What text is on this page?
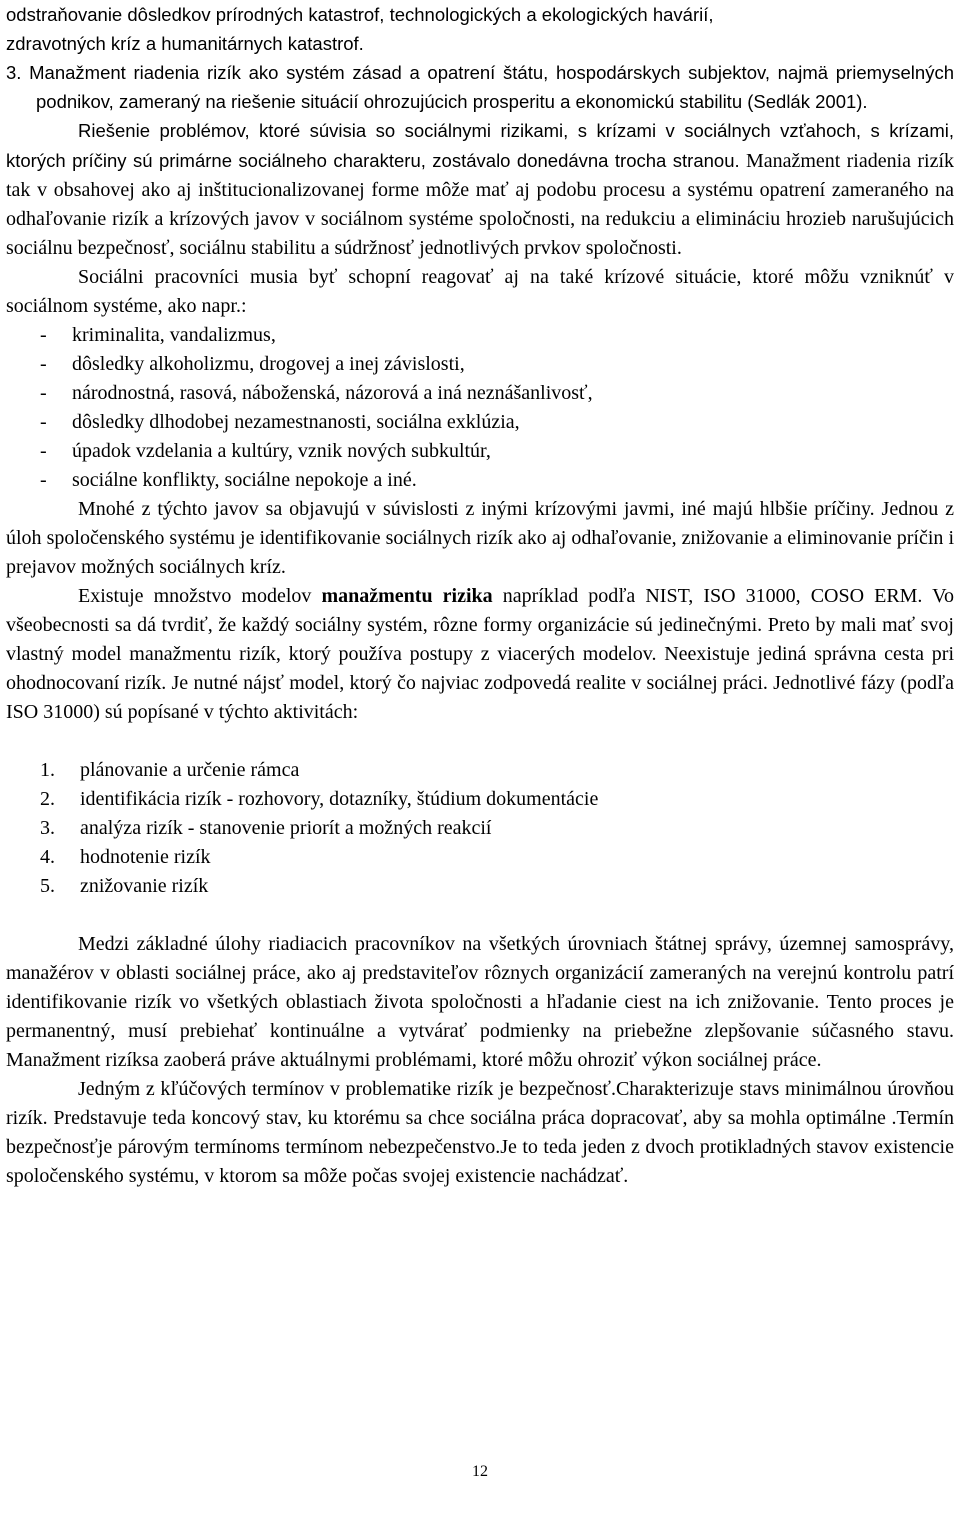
odstraňovanie dôsledkov prírodných katastrof, technologických a ekologických havárií,

zdravotných kríz a humanitárnych katastrof.

3. Manažment riadenia rizík ako systém zásad a opatrení štátu, hospodárskych subjektov, najmä priemyselných podnikov, zameraný na riešenie situácií ohrozujúcich prosperitu a ekonomickú stabilitu (Sedlák 2001).

Riešenie problémov, ktoré súvisia so sociálnymi rizikami, s krízami v sociálnych vzťahoch, s krízami, ktorých príčiny sú primárne sociálneho charakteru, zostávalo donedávna trocha stranou. Manažment riadenia rizík tak v obsahovej ako aj inštitucionalizovanej forme môže mať aj podobu procesu a systému opatrení zameraného na odhaľovanie rizík a krízových javov v sociálnom systéme spoločnosti, na redukciu a elimináciu hrozieb narušujúcich sociálnu bezpečnosť, sociálnu stabilitu a súdržnosť jednotlivých prvkov spoločnosti.

Sociálni pracovníci musia byť schopní reagovať aj na také krízové situácie, ktoré môžu vzniknúť v sociálnom systéme, ako napr.:

- kriminalita, vandalizmus,
- dôsledky alkoholizmu, drogovej a inej závislosti,
- národnostná, rasová, náboženská, názorová a iná neznášanlivosť,
- dôsledky dlhodobej nezamestnanosti, sociálna exklúzia,
- úpadok vzdelania a kultúry, vznik nových subkultúr,
- sociálne konflikty, sociálne nepokoje a iné.

Mnohé z týchto javov sa objavujú v súvislosti z inými krízovými javmi, iné majú hlbšie príčiny. Jednou z úloh spoločenského systému je identifikovanie sociálnych rizík ako aj odhaľovanie, znižovanie a eliminovanie príčin i prejavov možných sociálnych kríz.

Existuje množstvo modelov manažmentu rizika napríklad podľa NIST, ISO 31000, COSO ERM. Vo všeobecnosti sa dá tvrdiť, že každý sociálny systém, rôzne formy organizácie sú jedinečnými. Preto by mali mať svoj vlastný model manažmentu rizík, ktorý používa postupy z viacerých modelov. Neexistuje jediná správna cesta pri ohodnocovaní rizík. Je nutné nájsť model, ktorý čo najviac zodpovedá realite v sociálnej práci. Jednotlivé fázy (podľa ISO 31000) sú popísané v týchto aktivitách:

1. plánovanie a určenie rámca
2. identifikácia rizík - rozhovory, dotazníky, štúdium dokumentácie
3. analýza rizík - stanovenie priorít a možných reakcií
4. hodnotenie rizík
5. znižovanie rizík

Medzi základné úlohy riadiacich pracovníkov na všetkých úrovniach štátnej správy, územnej samosprávy, manažérov v oblasti sociálnej práce, ako aj predstaviteľov rôznych organizácií zameraných na verejnú kontrolu patrí identifikovanie rizík vo všetkých oblastiach života spoločnosti a hľadanie ciest na ich znižovanie. Tento proces je permanentný, musí prebiehať kontinuálne a vytvárať podmienky na priebežne zlepšovanie súčasného stavu. Manažment rizíksa zaoberá práve aktuálnymi problémami, ktoré môžu ohroziť výkon sociálnej práce.

Jedným z kľúčových termínov v problematike rizík je bezpečnosť.Charakterizuje stavs minimálnou úrovňou rizík. Predstavuje teda koncový stav, ku ktorému sa chce sociálna práca dopracovať, aby sa mohla optimálne .Termín bezpečnosťje párovým termínoms termínom nebezpečenstvo.Je to teda jeden z dvoch protikladných stavov existencie spoločenského systému, v ktorom sa môže počas svojej existencie nachádzať.

12
